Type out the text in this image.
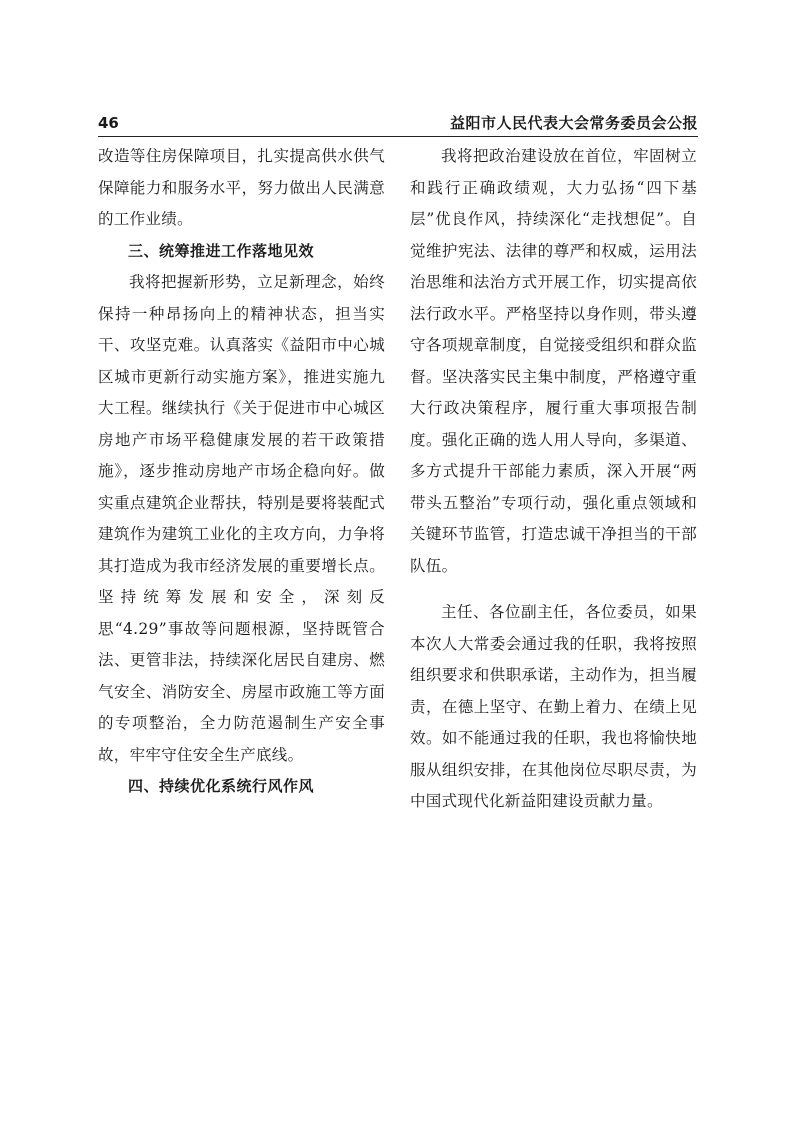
46	益阳市人民代表大会常务委员会公报

改造等住房保障项目，扎实提高供水供气保障能力和服务水平，努力做出人民满意的工作业绩。

三、统筹推进工作落地见效

我将把握新形势，立足新理念，始终保持一种昂扬向上的精神状态，担当实干、攻坚克难。认真落实《益阳市中心城区城市更新行动实施方案》，推进实施九大工程。继续执行《关于促进市中心城区房地产市场平稳健康发展的若干政策措施》，逐步推动房地产市场企稳向好。做实重点建筑企业帮扶，特别是要将装配式建筑作为建筑工业化的主攻方向，力争将其打造成为我市经济发展的重要增长点。坚持统筹发展和安全，深刻反思“4.29”事故等问题根源，坚持既管合法、更管非法，持续深化居民自建房、燃气安全、消防安全、房屋市政施工等方面的专项整治，全力防范遏制生产安全事故，牢牢守住安全生产底线。

四、持续优化系统行风作风

我将把政治建设放在首位，牢固树立和践行正确政绩观，大力弘扬“四下基层”优良作风，持续深化“走找想促”。自觉维护宪法、法律的尊严和权威，运用法治思维和法治方式开展工作，切实提高依法行政水平。严格坚持以身作则，带头遵守各项规章制度，自觉接受组织和群众监督。坚决落实民主集中制度，严格遵守重大行政决策程序，履行重大事项报告制度。强化正确的选人用人导向，多渠道、多方式提升干部能力素质，深入开展“两带头五整治”专项行动，强化重点领域和关键环节监管，打造忠诚干净担当的干部队伍。

主任、各位副主任，各位委员，如果本次人大常委会通过我的任职，我将按照组织要求和供职承诺，主动作为，担当履责，在德上坚守、在勤上着力、在绩上见效。如不能通过我的任职，我也将愉快地服从组织安排，在其他岗位尽职尽责，为中国式现代化新益阳建设贡献力量。
